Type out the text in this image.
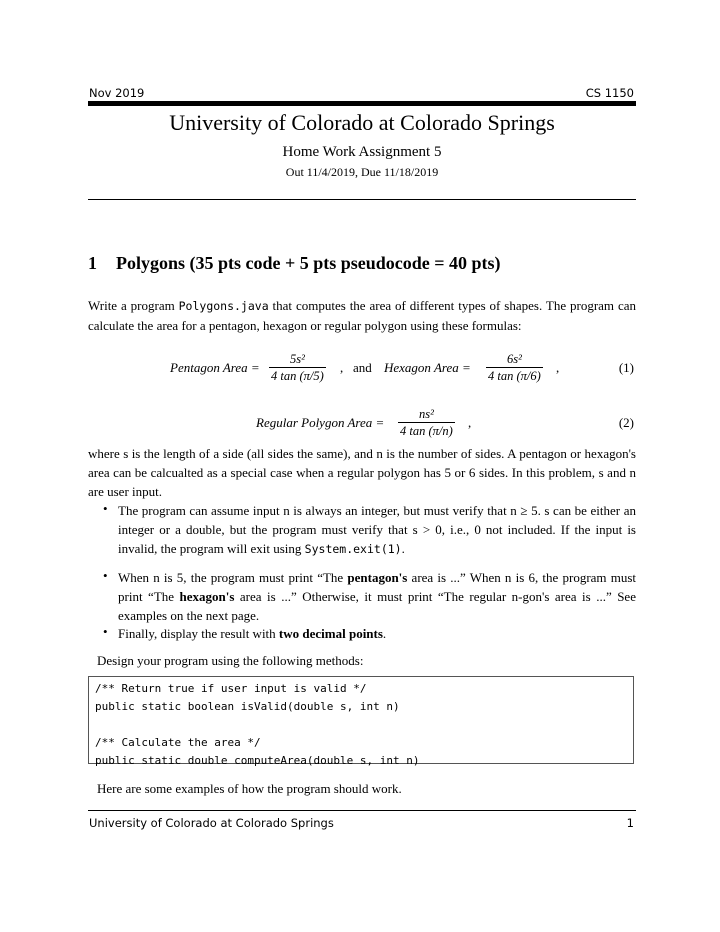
Nov 2019	CS 1150
University of Colorado at Colorado Springs
Home Work Assignment 5
Out 11/4/2019, Due 11/18/2019
1 Polygons (35 pts code + 5 pts pseudocode = 40 pts)
Write a program Polygons.java that computes the area of different types of shapes. The program can calculate the area for a pentagon, hexagon or regular polygon using these formulas:
Pentagon Area = $\frac{\text{5s²}}{4 \tan (\pi/5)}$ ,   and Hexagon Area = $\frac{\text{6s²}}{4 \tan (\pi/6)}$ ,	(1)
Regular Polygon Area = $\frac{\text{ns²}}{4 \tan (\pi/n)}$ ,	(2)
where s is the length of a side (all sides the same), and n is the number of sides. A pentagon or hexagon's area can be calcualted as a special case when a regular polygon has 5 or 6 sides. In this problem, s and n are user input.
• The program can assume input n is always an integer, but must verify that n ≥ 5. s can be either an integer or a double, but the program must verify that s > 0, i.e., 0 not included. If the input is invalid, the program will exit using System.exit(1).
• When n is 5, the program must print “The pentagon's area is ...” When n is 6, the program must print “The hexagon's area is ...” Otherwise, it must print “The regular n-gon's area is ...” See examples on the next page.
• Finally, display the result with two decimal points.
Design your program using the following methods:
/** Return true if user input is valid */
public static boolean isValid(double s, int n)
/** Calculate the area */
public static double computeArea(double s, int n)
Here are some examples of how the program should work.
University of Colorado at Colorado Springs	1
